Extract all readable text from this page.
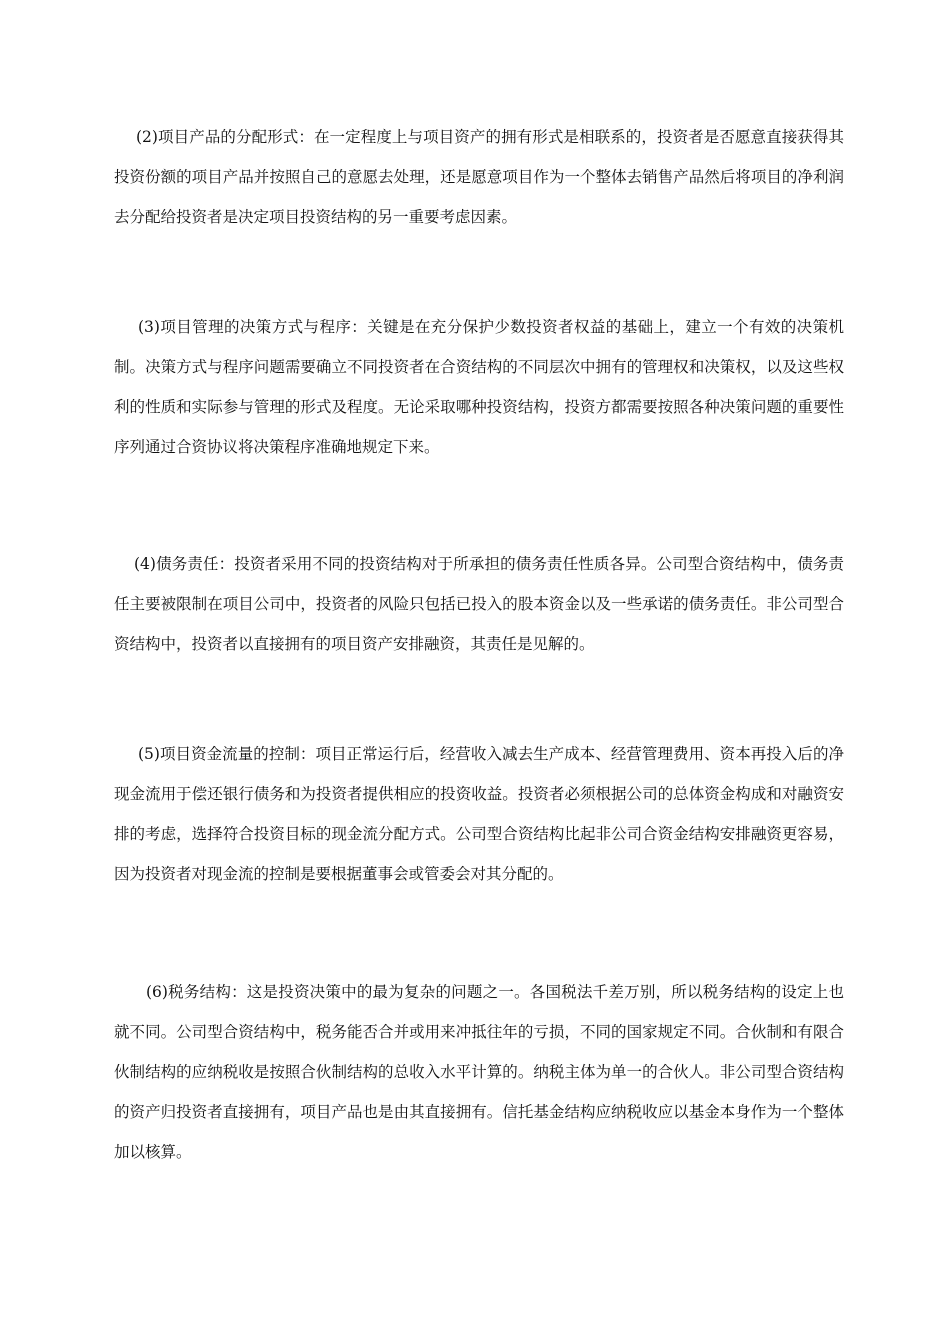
(2)项目产品的分配形式：在一定程度上与项目资产的拥有形式是相联系的，投资者是否愿意直接获得其投资份额的项目产品并按照自己的意愿去处理，还是愿意项目作为一个整体去销售产品然后将项目的净利润去分配给投资者是决定项目投资结构的另一重要考虑因素。

(3)项目管理的决策方式与程序：关键是在充分保护少数投资者权益的基础上，建立一个有效的决策机制。决策方式与程序问题需要确立不同投资者在合资结构的不同层次中拥有的管理权和决策权，以及这些权利的性质和实际参与管理的形式及程度。无论采取哪种投资结构，投资方都需要按照各种决策问题的重要性序列通过合资协议将决策程序准确地规定下来。

(4)债务责任：投资者采用不同的投资结构对于所承担的债务责任性质各异。公司型合资结构中，债务责任主要被限制在项目公司中，投资者的风险只包括已投入的股本资金以及一些承诺的债务责任。非公司型合资结构中，投资者以直接拥有的项目资产安排融资，其责任是见解的。

(5)项目资金流量的控制：项目正常运行后，经营收入减去生产成本、经营管理费用、资本再投入后的净现金流用于偿还银行债务和为投资者提供相应的投资收益。投资者必须根据公司的总体资金构成和对融资安排的考虑，选择符合投资目标的现金流分配方式。公司型合资结构比起非公司合资金结构安排融资更容易，因为投资者对现金流的控制是要根据董事会或管委会对其分配的。

(6)税务结构：这是投资决策中的最为复杂的问题之一。各国税法千差万别，所以税务结构的设定上也就不同。公司型合资结构中，税务能否合并或用来冲抵往年的亏损，不同的国家规定不同。合伙制和有限合伙制结构的应纳税收是按照合伙制结构的总收入水平计算的。纳税主体为单一的合伙人。非公司型合资结构的资产归投资者直接拥有，项目产品也是由其直接拥有。信托基金结构应纳税收应以基金本身作为一个整体加以核算。
